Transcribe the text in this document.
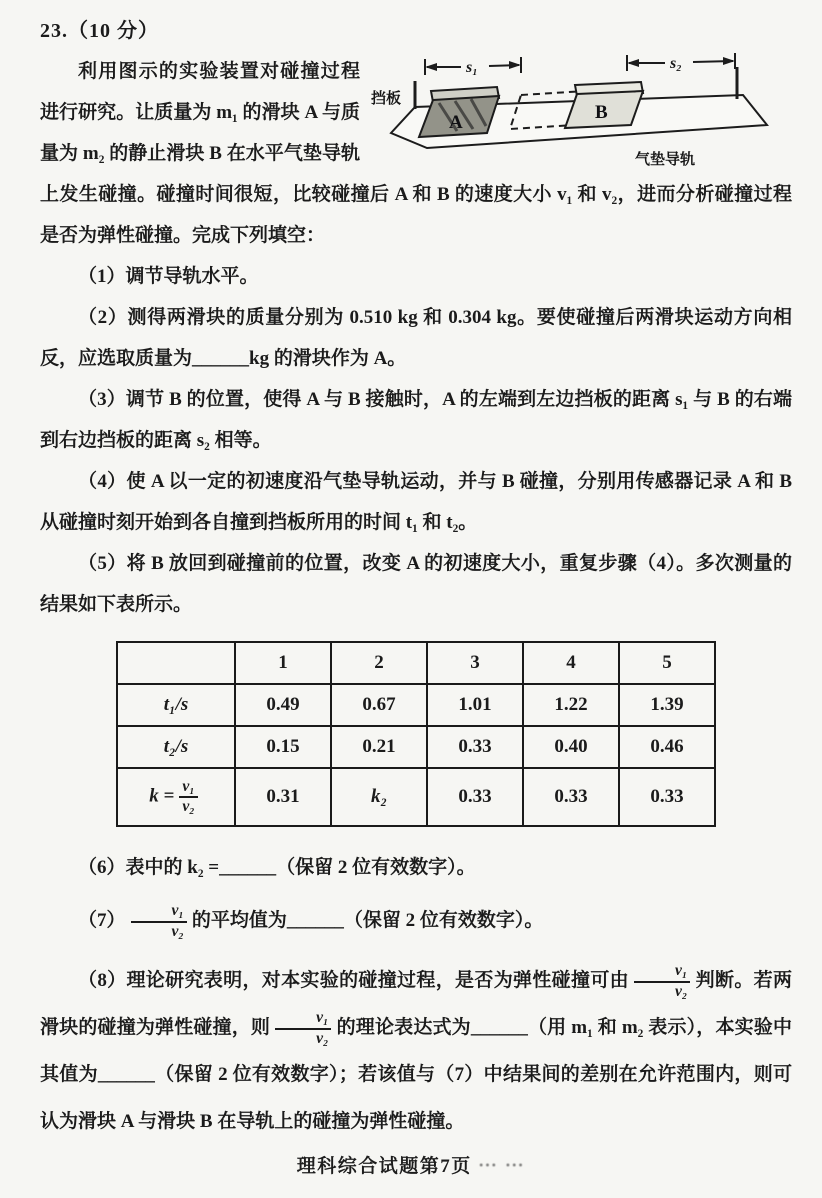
23.（10 分）

A	B
s₁	s₂
挡板
气垫导轨
利用图示的实验装置对碰撞过程进行研究。让质量为 m₁ 的滑块 A 与质量为 m₂ 的静止滑块 B 在水平气垫导轨上发生碰撞。碰撞时间很短，比较碰撞后 A 和 B 的速度大小 v₁ 和 v₂，进而分析碰撞过程是否为弹性碰撞。完成下列填空：

（1）调节导轨水平。

（2）测得两滑块的质量分别为 0.510 kg 和 0.304 kg。要使碰撞后两滑块运动方向相反，应选取质量为______kg 的滑块作为 A。

（3）调节 B 的位置，使得 A 与 B 接触时，A 的左端到左边挡板的距离 s₁ 与 B 的右端到右边挡板的距离 s₂ 相等。

（4）使 A 以一定的初速度沿气垫导轨运动，并与 B 碰撞，分别用传感器记录 A 和 B 从碰撞时刻开始到各自撞到挡板所用的时间 t₁ 和 t₂。

（5）将 B 放回到碰撞前的位置，改变 A 的初速度大小，重复步骤（4）。多次测量的结果如下表所示。

	1	2	3	4	5
t₁/s	0.49	0.67	1.01	1.22	1.39
t₂/s	0.15	0.21	0.33	0.40	0.46
$k = \frac{\text{v₁}}{\text{v₂}}$	0.31	k₂	0.33	0.33	0.33

（6）表中的 k₂ =______（保留 2 位有效数字）。

$(7) \frac{\text{v₁}}{\text{v₂}}$ 的平均值为______（保留 2 位有效数字）。

（8）理论研究表明，对本实验的碰撞过程，是否为弹性碰撞可由 $\frac{\text{v₁}}{\text{v₂}}$ 判断。若两滑块的碰撞为弹性碰撞，则 $\frac{\text{v₁}}{\text{v₂}}$ 的理论表达式为______（用 m₁ 和 m₂ 表示），本实验中其值为______（保留 2 位有效数字）；若该值与（7）中结果间的差别在允许范围内，则可认为滑块 A 与滑块 B 在导轨上的碰撞为弹性碰撞。

理科综合试题第7页 ⋯ ⋯
